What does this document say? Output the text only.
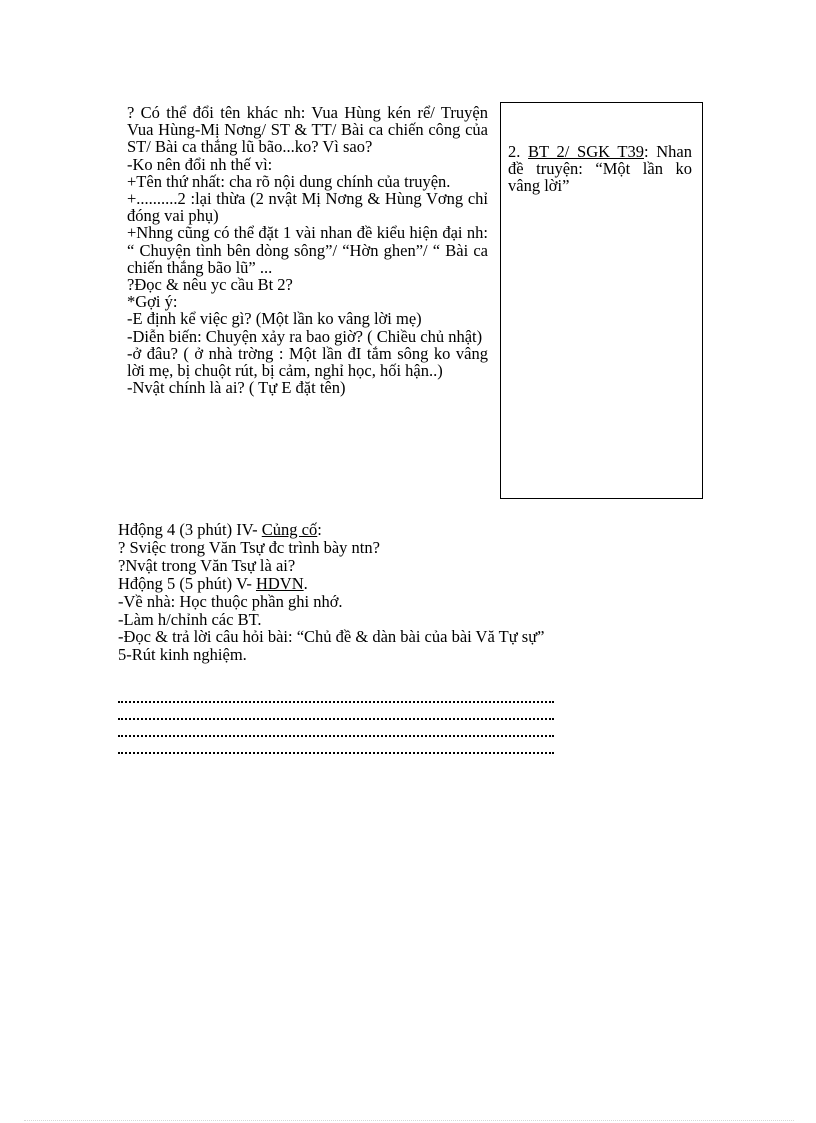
? Có thể đổi tên khác nh: Vua Hùng kén rể/ Truyện Vua Hùng-Mị Nơng/ ST & TT/ Bài ca chiến công của ST/ Bài ca thắng lũ bão...ko? Vì sao?
-Ko nên đổi nh thế vì:
+Tên thứ nhất: cha rõ nội dung chính của truyện.
+..........2 :lại thừa (2 nvật Mị Nơng & Hùng Vơng chỉ đóng vai phụ)
+Nhng cũng có thể đặt 1 vài nhan đề kiểu hiện đại nh: “ Chuyện tình bên dòng sông”/ “Hờn ghen”/ “ Bài ca chiến thắng bão lũ” ...
?Đọc & nêu yc cầu Bt 2?
*Gợi ý:
-E định kể việc gì? (Một lần ko vâng lời mẹ)
-Diễn biến: Chuyện xảy ra bao giờ? ( Chiều chủ nhật)
-ở đâu? ( ở nhà trờng : Một lần đI tắm sông ko vâng lời mẹ, bị chuột rút, bị cảm, nghỉ học, hối hận..)
-Nvật chính là ai? ( Tự E đặt tên)
2. BT 2/ SGK T39: Nhan đề truyện: “Một lần ko vâng lời”
Hđộng 4 (3 phút) IV- Củng cố:
? Sviệc trong Văn Tsự đc trình bày ntn?
?Nvật trong Văn Tsự là ai?
Hđộng 5 (5 phút) V- HDVN.
-Về nhà: Học thuộc phần ghi nhớ.
-Làm h/chỉnh các BT.
-Đọc & trả lời câu hỏi bài: “Chủ đề & dàn bài của bài Vă Tự sự”
5-Rút kinh nghiệm.
